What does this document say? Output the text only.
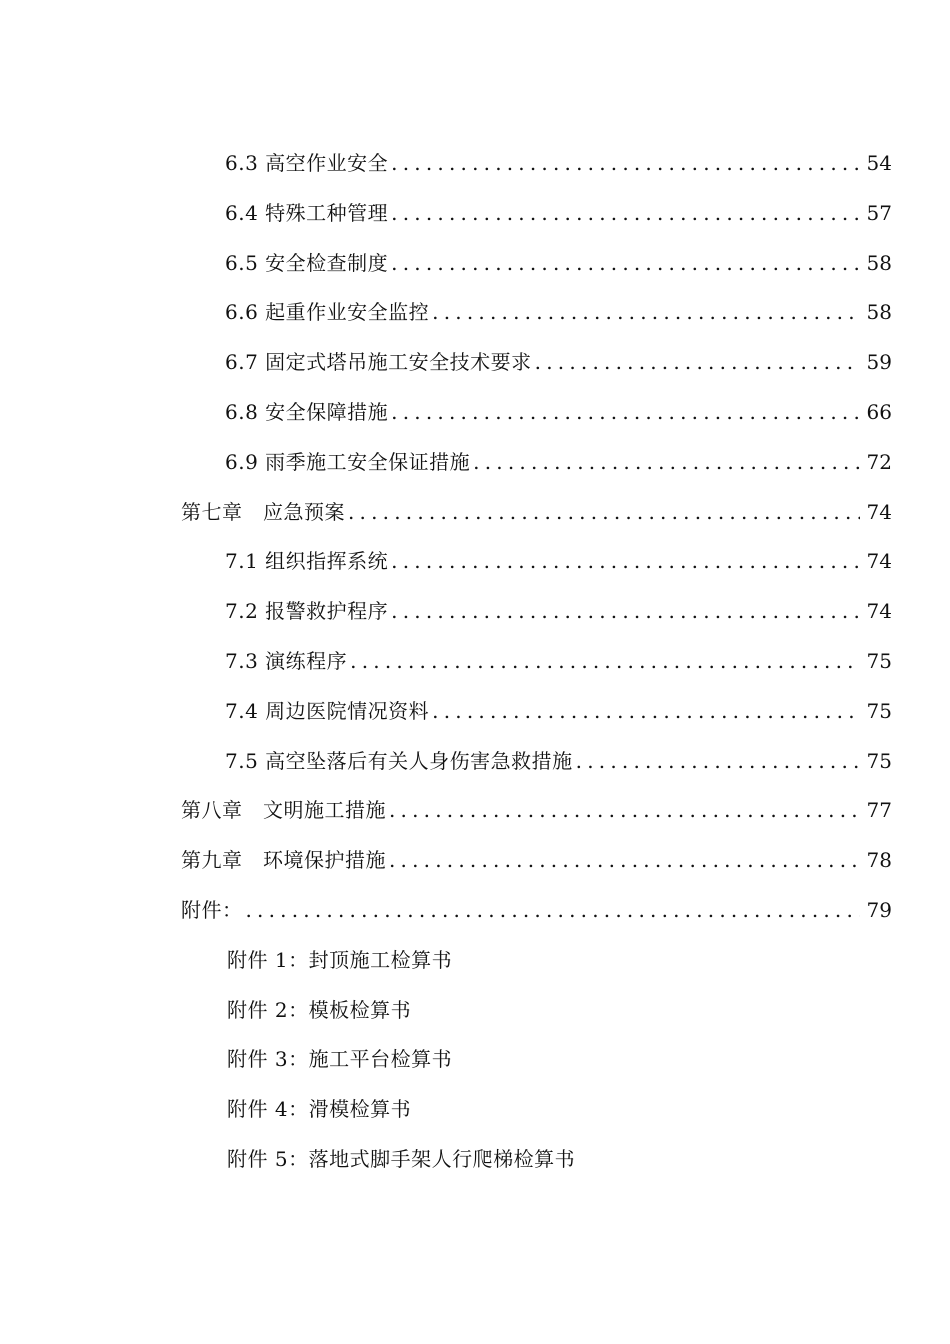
6.3 高空作业安全 .....	54
6.4 特殊工种管理 .....	57
6.5 安全检查制度 .....	58
6.6 起重作业安全监控 .....	58
6.7 固定式塔吊施工安全技术要求 .....	59
6.8 安全保障措施 .....	66
6.9 雨季施工安全保证措施 .....	72
第七章　应急预案 .....	74
7.1 组织指挥系统 .....	74
7.2 报警救护程序 .....	74
7.3 演练程序 .....	75
7.4 周边医院情况资料 .....	75
7.5 高空坠落后有关人身伤害急救措施 .....	75
第八章　文明施工措施 .....	77
第九章　环境保护措施 .....	78
附件： .....	79
附件 1：封顶施工检算书
附件 2：模板检算书
附件 3：施工平台检算书
附件 4：滑模检算书
附件 5：落地式脚手架人行爬梯检算书
